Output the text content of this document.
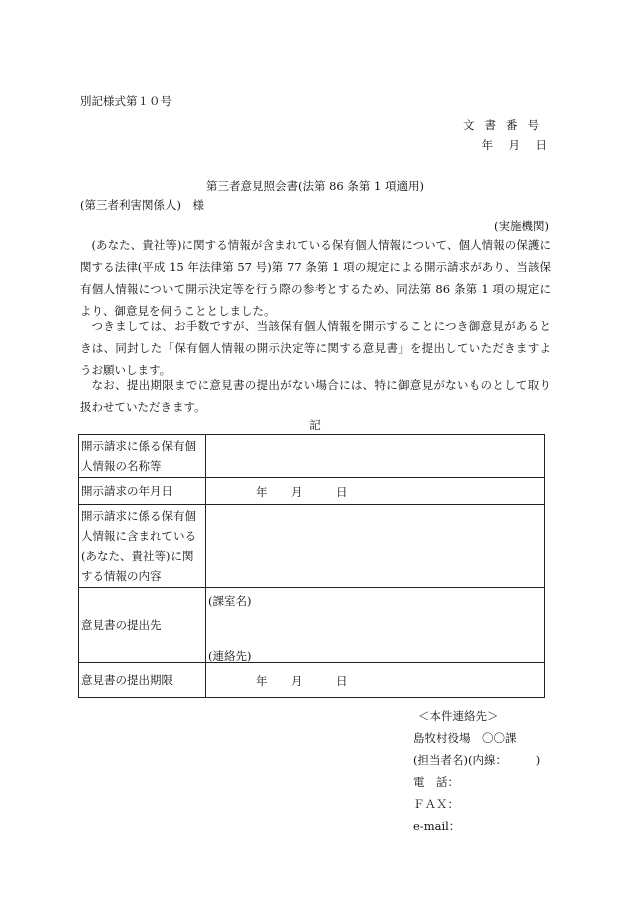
別記様式第１０号
文書番号
年　月　日
第三者意見照会書(法第 86 条第 1 項適用)
(第三者利害関係人)　様
(実施機関)
(あなた、貴社等)に関する情報が含まれている保有個人情報について、個人情報の保護に関する法律(平成 15 年法律第 57 号)第 77 条第 1 項の規定による開示請求があり、当該保有個人情報について開示決定等を行う際の参考とするため、同法第 86 条第 1 項の規定により、御意見を伺うこととしました。
つきましては、お手数ですが、当該保有個人情報を開示することにつき御意見があるときは、同封した「保有個人情報の開示決定等に関する意見書」を提出していただきますようお願いします。
なお、提出期限までに意見書の提出がない場合には、特に御意見がないものとして取り扱わせていただきます。
記
開示請求に係る保有個人情報の名称等	
開示請求の年月日	年 月 日

開示請求に係る保有個人情報に含まれている(あなた、貴社等)に関する情報の内容	
意見書の提出先	(課室名)
(連絡先)

意見書の提出期限	年 月 日
＜本件連絡先＞
島牧村役場　〇〇課
(担当者名)(内線：　　　)
電　話：
ＦＡＸ：
e-mail：
